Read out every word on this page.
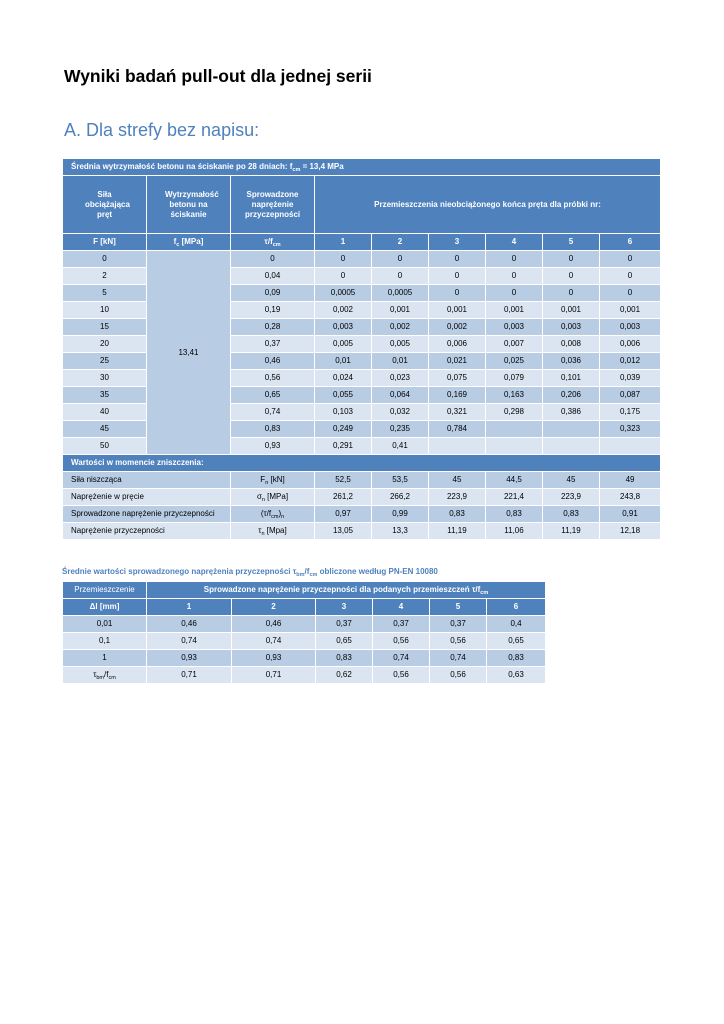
Wyniki badań pull-out dla jednej serii
A. Dla strefy bez napisu:
Średnia wytrzymałość betonu na ściskanie po 28 dniach: $f_{cm} = 13,4$ MPa								
Siła obciążająca pręt	Wytrzymałość betonu na ściskanie	Sprowadzone naprężenie przyczepności	Przemieszczenia nieobciążonego końca pręta dla próbki nr:					
F [kN]	$f_c$ [MPa]	$\tau/f_{cm}$	1	2	3	4	5	6
0	13,41	0	0	0	0	0	0	0
2		0,04	0	0	0	0	0	0
5		0,09	0,0005	0,0005	0	0	0	0
10		0,19	0,002	0,001	0,001	0,001	0,001	0,001
15		0,28	0,003	0,002	0,002	0,003	0,003	0,003
20		0,37	0,005	0,005	0,006	0,007	0,008	0,006
25		0,46	0,01	0,01	0,021	0,025	0,036	0,012
30		0,56	0,024	0,023	0,075	0,079	0,101	0,039
35		0,65	0,055	0,064	0,169	0,163	0,206	0,087
40		0,74	0,103	0,032	0,321	0,298	0,386	0,175
45		0,83	0,249	0,235	0,784			0,323
50		0,93	0,291	0,41				
Wartości w momencie zniszczenia:								
Siła niszcząca		$F_n$ [kN]	52,5	53,5	45	44,5	45	49
Naprężenie w pręcie		$\sigma_n$ [MPa]	261,2	266,2	223,9	221,4	223,9	243,8
Sprowadzone naprężenie przyczepności		$(\tau/f_{cm})_n$	0,97	0,99	0,83	0,83	0,83	0,91
Naprężenie przyczepności		$\tau_n$ [Mpa]	13,05	13,3	11,19	11,06	11,19	12,18
Średnie wartości sprowadzonego naprężenia przyczepności $\tau_{bm}/f_{cm}$ obliczone według PN-EN 10080
Przemieszczenie	Sprowadzone naprężenie przyczepności dla podanych przemieszczeń $\tau/f_{cm}$
Δl [mm]	1	2	3	4	5	6
0,01	0,46	0,46	0,37	0,37	0,37	0,4
0,1	0,74	0,74	0,65	0,56	0,56	0,65
1	0,93	0,93	0,83	0,74	0,74	0,83
$\tau_{bm}/f_{cm}$	0,71	0,71	0,62	0,56	0,56	0,63
